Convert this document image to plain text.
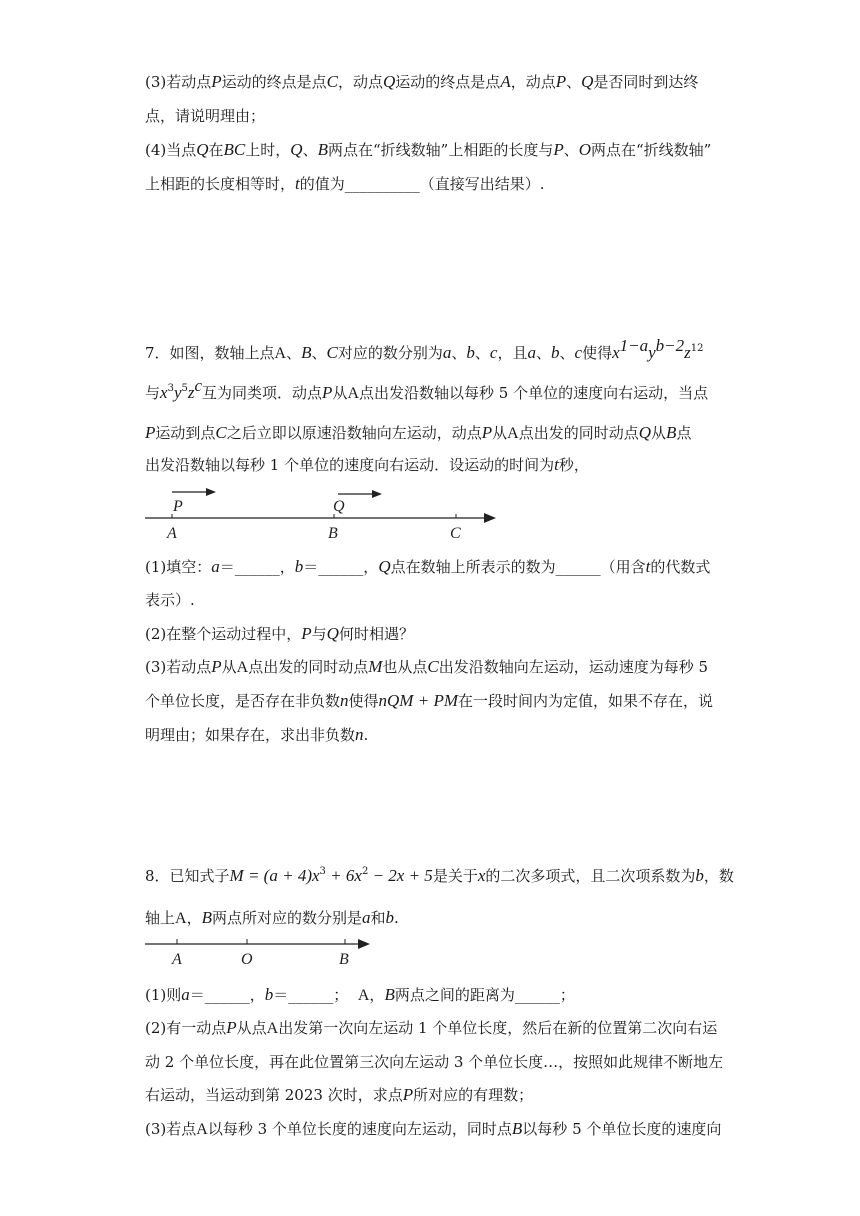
(3)若动点P运动的终点是点C，动点Q运动的终点是点A，动点P、Q是否同时到达终
点，请说明理由；
(4)当点Q在BC上时，Q、B两点在“折线数轴”上相距的长度与P、O两点在“折线数轴”
上相距的长度相等时，t的值为__________（直接写出结果）.
7．如图，数轴上点A、B、C对应的数分别为a、b、c，且a、b、c使得$x^{1-a}y^{b-2}z^{12}$
与$x^3y^5z^c$互为同类项．动点P从A点出发沿数轴以每秒 5 个单位的速度向右运动，当点
P运动到点C之后立即以原速沿数轴向左运动，动点P从A点出发的同时动点Q从B点
出发沿数轴以每秒 1 个单位的速度向右运动．设运动的时间为t秒，
P	Q
A	B	C
(1)填空：a＝______，b＝______，Q点在数轴上所表示的数为______（用含t的代数式
表示）.
(2)在整个运动过程中，P与Q何时相遇？
(3)若动点P从A点出发的同时动点M也从点C出发沿数轴向左运动，运动速度为每秒 5
个单位长度，是否存在非负数n使得nQM + PM在一段时间内为定值，如果不存在，说
明理由；如果存在，求出非负数n.
8．已知式子$M = (a + 4)x^3 + 6x^2 - 2x + 5$是关于x的二次多项式，且二次项系数为b，数
轴上A，B两点所对应的数分别是a和b.
A	O	B
(1)则a＝______，b＝______； A，B两点之间的距离为______；
(2)有一动点P从点A出发第一次向左运动 1 个单位长度，然后在新的位置第二次向右运
动 2 个单位长度，再在此位置第三次向左运动 3 个单位长度…，按照如此规律不断地左
右运动，当运动到第 2023 次时，求点P所对应的有理数；
(3)若点A以每秒 3 个单位长度的速度向左运动，同时点B以每秒 5 个单位长度的速度向
